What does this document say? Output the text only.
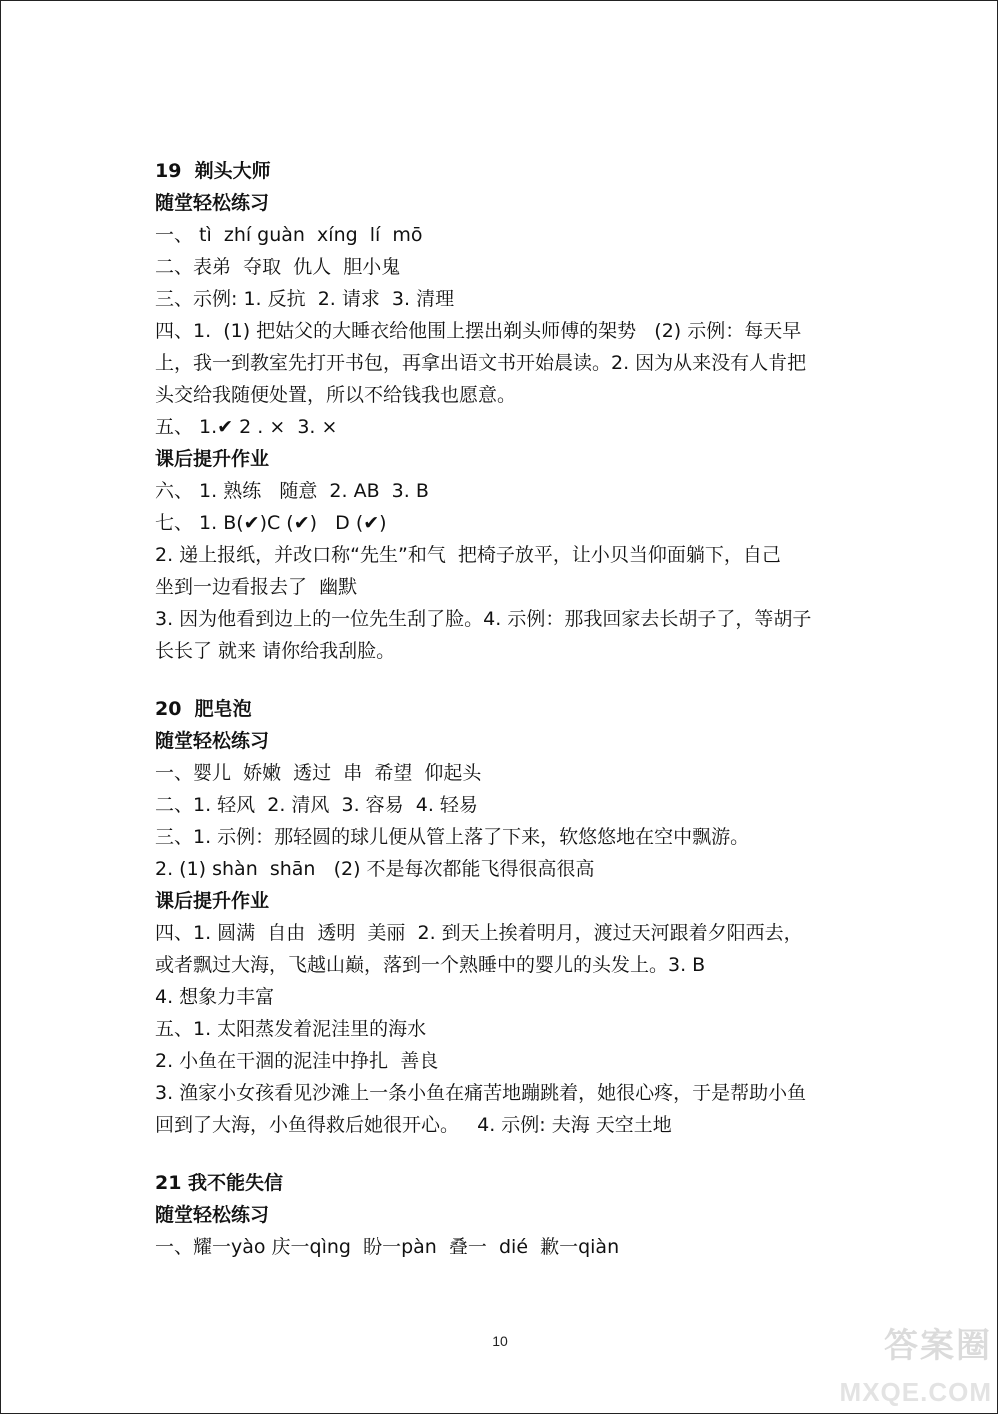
19  剃头大师

随堂轻松练习

一、 tì  zhí guàn  xíng  lí  mō

二、表弟  夺取  仇人  胆小鬼

三、示例: 1. 反抗  2. 请求  3. 清理

四、1.  (1) 把姑父的大睡衣给他围上摆出剃头师傅的架势   (2) 示例：每天早

上，我一到教室先打开书包，再拿出语文书开始晨读。2. 因为从来没有人肯把

头交给我随便处置，所以不给钱我也愿意。

五、 1.✔ 2 . ×  3. ×

课后提升作业

六、 1. 熟练   随意  2. AB  3. B

七、 1. B(✔)C (✔)   D (✔)

2. 递上报纸，并改口称“先生”和气  把椅子放平，让小贝当仰面躺下，自己

坐到一边看报去了  幽默

3. 因为他看到边上的一位先生刮了脸。4. 示例：那我回家去长胡子了，等胡子

长长了 就来 请你给我刮脸。

20  肥皂泡

随堂轻松练习

一、婴儿  娇嫩  透过  串  希望  仰起头

二、1. 轻风  2. 清风  3. 容易  4. 轻易

三、1. 示例：那轻圆的球儿便从管上落了下来，软悠悠地在空中飘游。

2. (1) shàn  shān   (2) 不是每次都能飞得很高很高

课后提升作业

四、1. 圆满  自由  透明  美丽  2. 到天上挨着明月，渡过天河跟着夕阳西去，

或者飘过大海，飞越山巅，落到一个熟睡中的婴儿的头发上。3. B

4. 想象力丰富

五、1. 太阳蒸发着泥洼里的海水

2. 小鱼在干涸的泥洼中挣扎  善良

3. 渔家小女孩看见沙滩上一条小鱼在痛苦地蹦跳着，她很心疼，于是帮助小鱼

回到了大海，小鱼得救后她很开心。   4. 示例: 夫海 天空土地

21 我不能失信

随堂轻松练习

一、耀一yào 庆一qìng  盼一pàn  叠一  dié  歉一qiàn

10	答案圈
MXQE.COM
